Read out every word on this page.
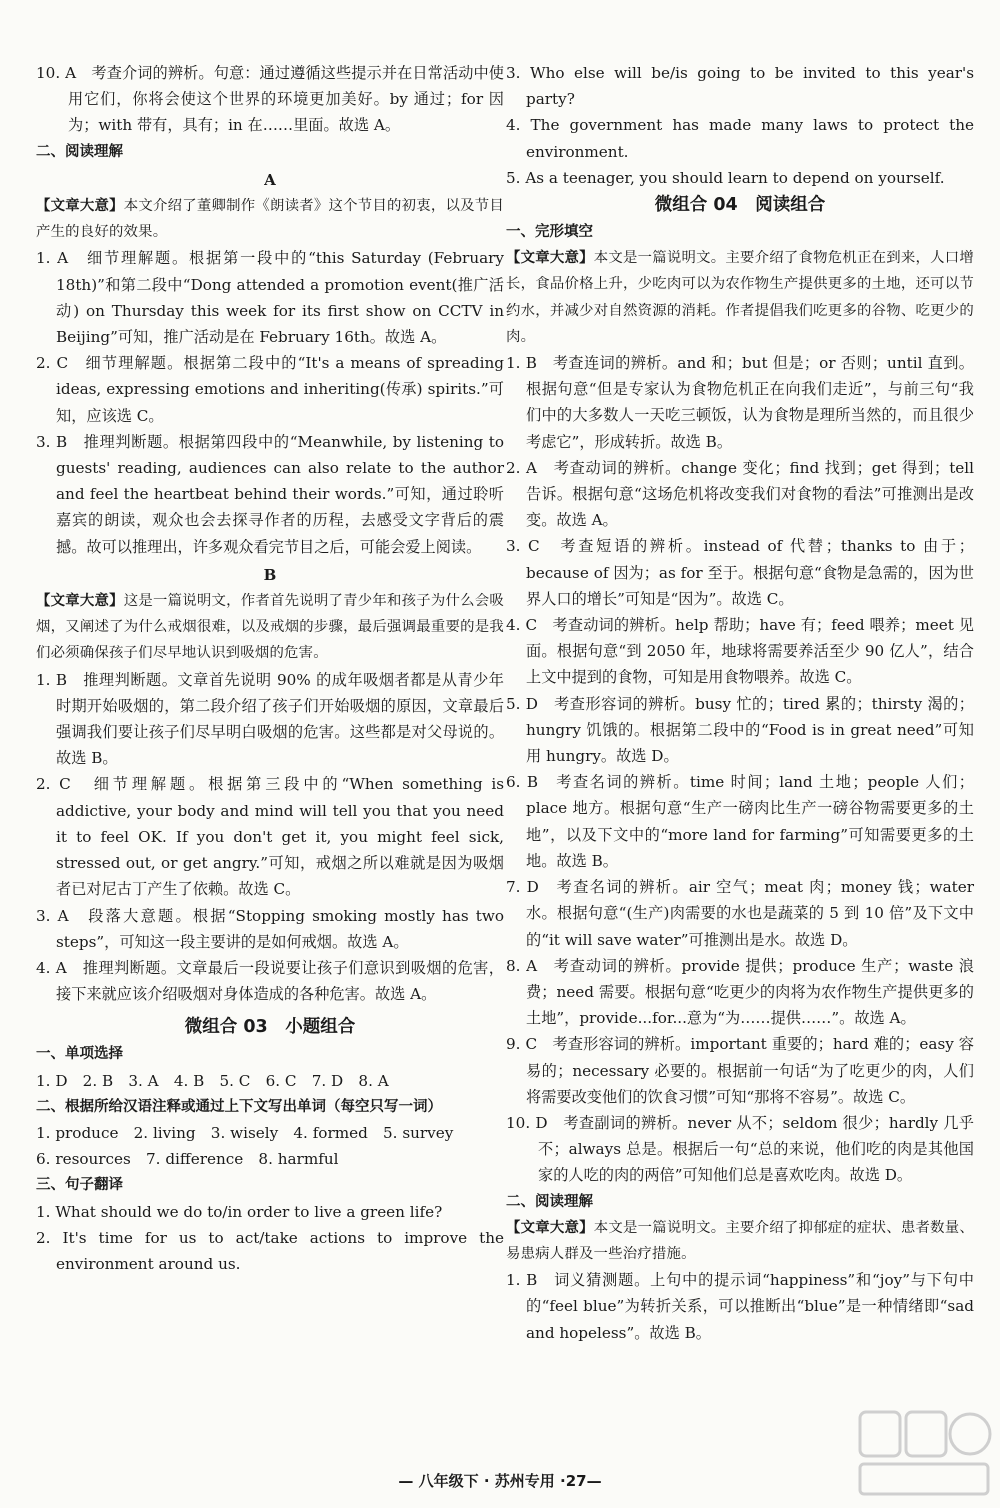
10. A　考查介词的辨析。句意：通过遵循这些提示并在日常活动中使用它们，你将会使这个世界的环境更加美好。by 通过；for 因为；with 带有，具有；in 在……里面。故选 A。

二、阅读理解

A

【文章大意】本文介绍了董卿制作《朗读者》这个节目的初衷，以及节目产生的良好的效果。

1. A　细节理解题。根据第一段中的“this Saturday (February 18th)”和第二段中“Dong attended a promotion event(推广活动) on Thursday this week for its first show on CCTV in Beijing”可知，推广活动是在 February 16th。故选 A。

2. C　细节理解题。根据第二段中的“It's a means of spreading ideas, expressing emotions and inheriting(传承) spirits.”可知，应该选 C。

3. B　推理判断题。根据第四段中的“Meanwhile, by listening to guests' reading, audiences can also relate to the author and feel the heartbeat behind their words.”可知，通过聆听嘉宾的朗读，观众也会去探寻作者的历程，去感受文字背后的震撼。故可以推理出，许多观众看完节目之后，可能会爱上阅读。

B

【文章大意】这是一篇说明文，作者首先说明了青少年和孩子为什么会吸烟，又阐述了为什么戒烟很难，以及戒烟的步骤，最后强调最重要的是我们必须确保孩子们尽早地认识到吸烟的危害。

1. B　推理判断题。文章首先说明 90% 的成年吸烟者都是从青少年时期开始吸烟的，第二段介绍了孩子们开始吸烟的原因，文章最后强调我们要让孩子们尽早明白吸烟的危害。这些都是对父母说的。故选 B。

2. C　细节理解题。根据第三段中的“When something is addictive, your body and mind will tell you that you need it to feel OK. If you don't get it, you might feel sick, stressed out, or get angry.”可知，戒烟之所以难就是因为吸烟者已对尼古丁产生了依赖。故选 C。

3. A　段落大意题。根据“Stopping smoking mostly has two steps”，可知这一段主要讲的是如何戒烟。故选 A。

4. A　推理判断题。文章最后一段说要让孩子们意识到吸烟的危害，接下来就应该介绍吸烟对身体造成的各种危害。故选 A。

微组合 03　小题组合

一、单项选择

1. D　2. B　3. A　4. B　5. C　6. C　7. D　8. A

二、根据所给汉语注释或通过上下文写出单词（每空只写一词）

1. produce　2. living　3. wisely　4. formed　5. survey

6. resources　7. difference　8. harmful

三、句子翻译

1. What should we do to/in order to live a green life?

2. It's time for us to act/take actions to improve the environment around us.

3. Who else will be/is going to be invited to this year's party?

4. The government has made many laws to protect the environment.

5. As a teenager, you should learn to depend on yourself.

微组合 04　阅读组合

一、完形填空

【文章大意】本文是一篇说明文。主要介绍了食物危机正在到来，人口增长，食品价格上升，少吃肉可以为农作物生产提供更多的土地，还可以节约水，并减少对自然资源的消耗。作者提倡我们吃更多的谷物、吃更少的肉。

1. B　考查连词的辨析。and 和；but 但是；or 否则；until 直到。根据句意“但是专家认为食物危机正在向我们走近”，与前三句“我们中的大多数人一天吃三顿饭，认为食物是理所当然的，而且很少考虑它”，形成转折。故选 B。

2. A　考查动词的辨析。change 变化；find 找到；get 得到；tell 告诉。根据句意“这场危机将改变我们对食物的看法”可推测出是改变。故选 A。

3. C　考查短语的辨析。instead of 代替；thanks to 由于；because of 因为；as for 至于。根据句意“食物是急需的，因为世界人口的增长”可知是“因为”。故选 C。

4. C　考查动词的辨析。help 帮助；have 有；feed 喂养；meet 见面。根据句意“到 2050 年，地球将需要养活至少 90 亿人”，结合上文中提到的食物，可知是用食物喂养。故选 C。

5. D　考查形容词的辨析。busy 忙的；tired 累的；thirsty 渴的；hungry 饥饿的。根据第二段中的“Food is in great need”可知用 hungry。故选 D。

6. B　考查名词的辨析。time 时间；land 土地；people 人们；place 地方。根据句意“生产一磅肉比生产一磅谷物需要更多的土地”，以及下文中的“more land for farming”可知需要更多的土地。故选 B。

7. D　考查名词的辨析。air 空气；meat 肉；money 钱；water 水。根据句意“(生产)肉需要的水也是蔬菜的 5 到 10 倍”及下文中的“it will save water”可推测出是水。故选 D。

8. A　考查动词的辨析。provide 提供；produce 生产；waste 浪费；need 需要。根据句意“吃更少的肉将为农作物生产提供更多的土地”，provide...for...意为“为……提供……”。故选 A。

9. C　考查形容词的辨析。important 重要的；hard 难的；easy 容易的；necessary 必要的。根据前一句话“为了吃更少的肉，人们将需要改变他们的饮食习惯”可知“那将不容易”。故选 C。

10. D　考查副词的辨析。never 从不；seldom 很少；hardly 几乎不；always 总是。根据后一句“总的来说，他们吃的肉是其他国家的人吃的肉的两倍”可知他们总是喜欢吃肉。故选 D。

二、阅读理解

【文章大意】本文是一篇说明文。主要介绍了抑郁症的症状、患者数量、易患病人群及一些治疗措施。

1. B　词义猜测题。上句中的提示词“happiness”和“joy”与下句中的“feel blue”为转折关系，可以推断出“blue”是一种情绪即“sad and hopeless”。故选 B。

— 八年级下 · 苏州专用 ·27—
